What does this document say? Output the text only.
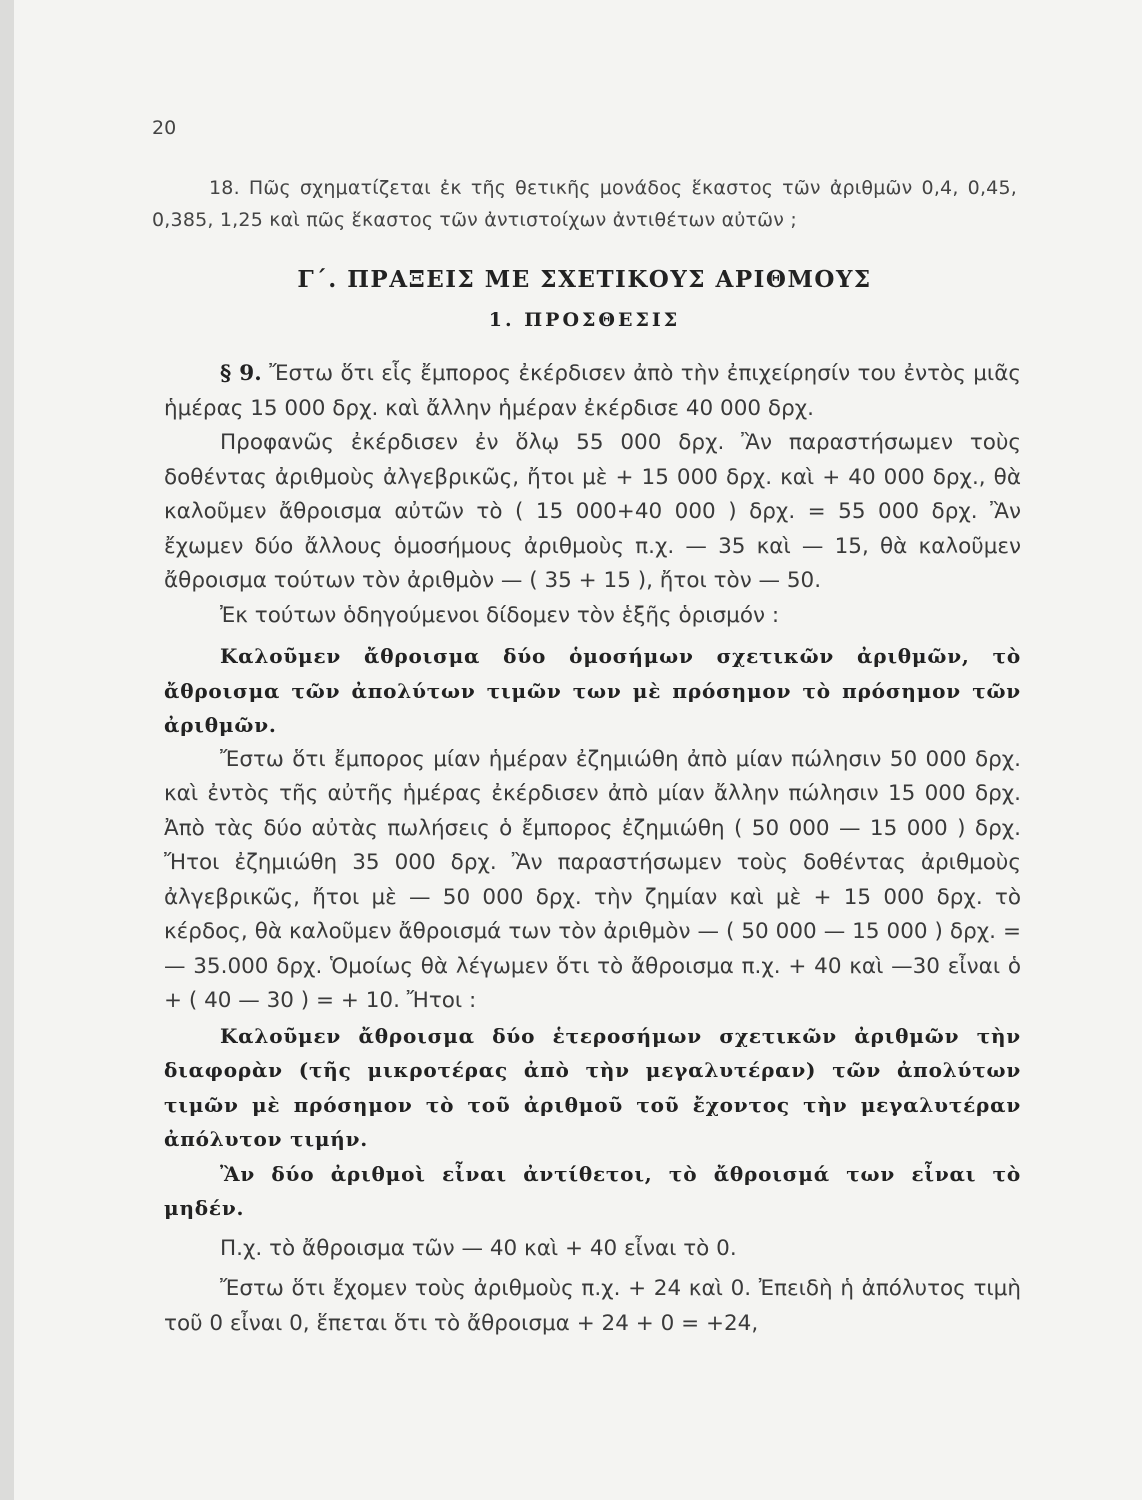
20
18. Πῶς σχηματίζεται ἐκ τῆς θετικῆς μονάδος ἕκαστος τῶν ἀριθμῶν 0,4, 0,45, 0,385, 1,25 καὶ πῶς ἕκαστος τῶν ἀντιστοίχων ἀντιθέτων αὐτῶν ;
Γ΄. ΠΡΑΞΕΙΣ ΜΕ ΣΧΕΤΙΚΟΥΣ ΑΡΙΘΜΟΥΣ
1. ΠΡΟΣΘΕΣΙΣ

§ 9. Ἔστω ὅτι εἷς ἔμπορος ἐκέρδισεν ἀπὸ τὴν ἐπιχείρησίν του ἐντὸς μιᾶς ἡμέρας 15 000 δρχ. καὶ ἄλλην ἡμέραν ἐκέρδισε 40 000 δρχ.

Προφανῶς ἐκέρδισεν ἐν ὅλῳ 55 000 δρχ. Ἂν παραστήσωμεν τοὺς δοθέντας ἀριθμοὺς ἀλγεβρικῶς, ἤτοι μὲ + 15 000 δρχ. καὶ + 40 000 δρχ., θὰ καλοῦμεν ἄθροισμα αὐτῶν τὸ ( 15 000+40 000 ) δρχ. = 55 000 δρχ. Ἂν ἔχωμεν δύο ἄλλους ὁμοσήμους ἀριθμοὺς π.χ. — 35 καὶ — 15, θὰ καλοῦμεν ἄθροισμα τούτων τὸν ἀριθμὸν — ( 35 + 15 ), ἤτοι τὸν — 50.

Ἐκ τούτων ὁδηγούμενοι δίδομεν τὸν ἑξῆς ὁρισμόν :

Καλοῦμεν ἄθροισμα δύο ὁμοσήμων σχετικῶν ἀριθμῶν, τὸ ἄθροισμα τῶν ἀπολύτων τιμῶν των μὲ πρόσημον τὸ πρόσημον τῶν ἀριθμῶν.

Ἔστω ὅτι ἔμπορος μίαν ἡμέραν ἐζημιώθη ἀπὸ μίαν πώλησιν 50 000 δρχ. καὶ ἐντὸς τῆς αὐτῆς ἡμέρας ἐκέρδισεν ἀπὸ μίαν ἄλλην πώλησιν 15 000 δρχ. Ἀπὸ τὰς δύο αὐτὰς πωλήσεις ὁ ἔμπορος ἐζημιώθη ( 50 000 — 15 000 ) δρχ. Ἤτοι ἐζημιώθη 35 000 δρχ. Ἂν παραστήσωμεν τοὺς δοθέντας ἀριθμοὺς ἀλγεβρικῶς, ἤτοι μὲ — 50 000 δρχ. τὴν ζημίαν καὶ μὲ + 15 000 δρχ. τὸ κέρδος, θὰ καλοῦμεν ἄθροισμά των τὸν ἀριθμὸν — ( 50 000 — 15 000 ) δρχ. = — 35.000 δρχ. Ὁμοίως θὰ λέγωμεν ὅτι τὸ ἄθροισμα π.χ. + 40 καὶ —30 εἶναι ὁ + ( 40 — 30 ) = + 10. Ἤτοι :

Καλοῦμεν ἄθροισμα δύο ἑτεροσήμων σχετικῶν ἀριθμῶν τὴν διαφορὰν (τῆς μικροτέρας ἀπὸ τὴν μεγαλυτέραν) τῶν ἀπολύτων τιμῶν μὲ πρόσημον τὸ τοῦ ἀριθμοῦ τοῦ ἔχοντος τὴν μεγαλυτέραν ἀπόλυτον τιμήν.

Ἂν δύο ἀριθμοὶ εἶναι ἀντίθετοι, τὸ ἄθροισμά των εἶναι τὸ μηδέν.

Π.χ. τὸ ἄθροισμα τῶν — 40 καὶ + 40 εἶναι τὸ 0.

Ἔστω ὅτι ἔχομεν τοὺς ἀριθμοὺς π.χ. + 24 καὶ 0. Ἐπειδὴ ἡ ἀπόλυτος τιμὴ τοῦ 0 εἶναι 0, ἕπεται ὅτι τὸ ἄθροισμα + 24 + 0 = +24,
